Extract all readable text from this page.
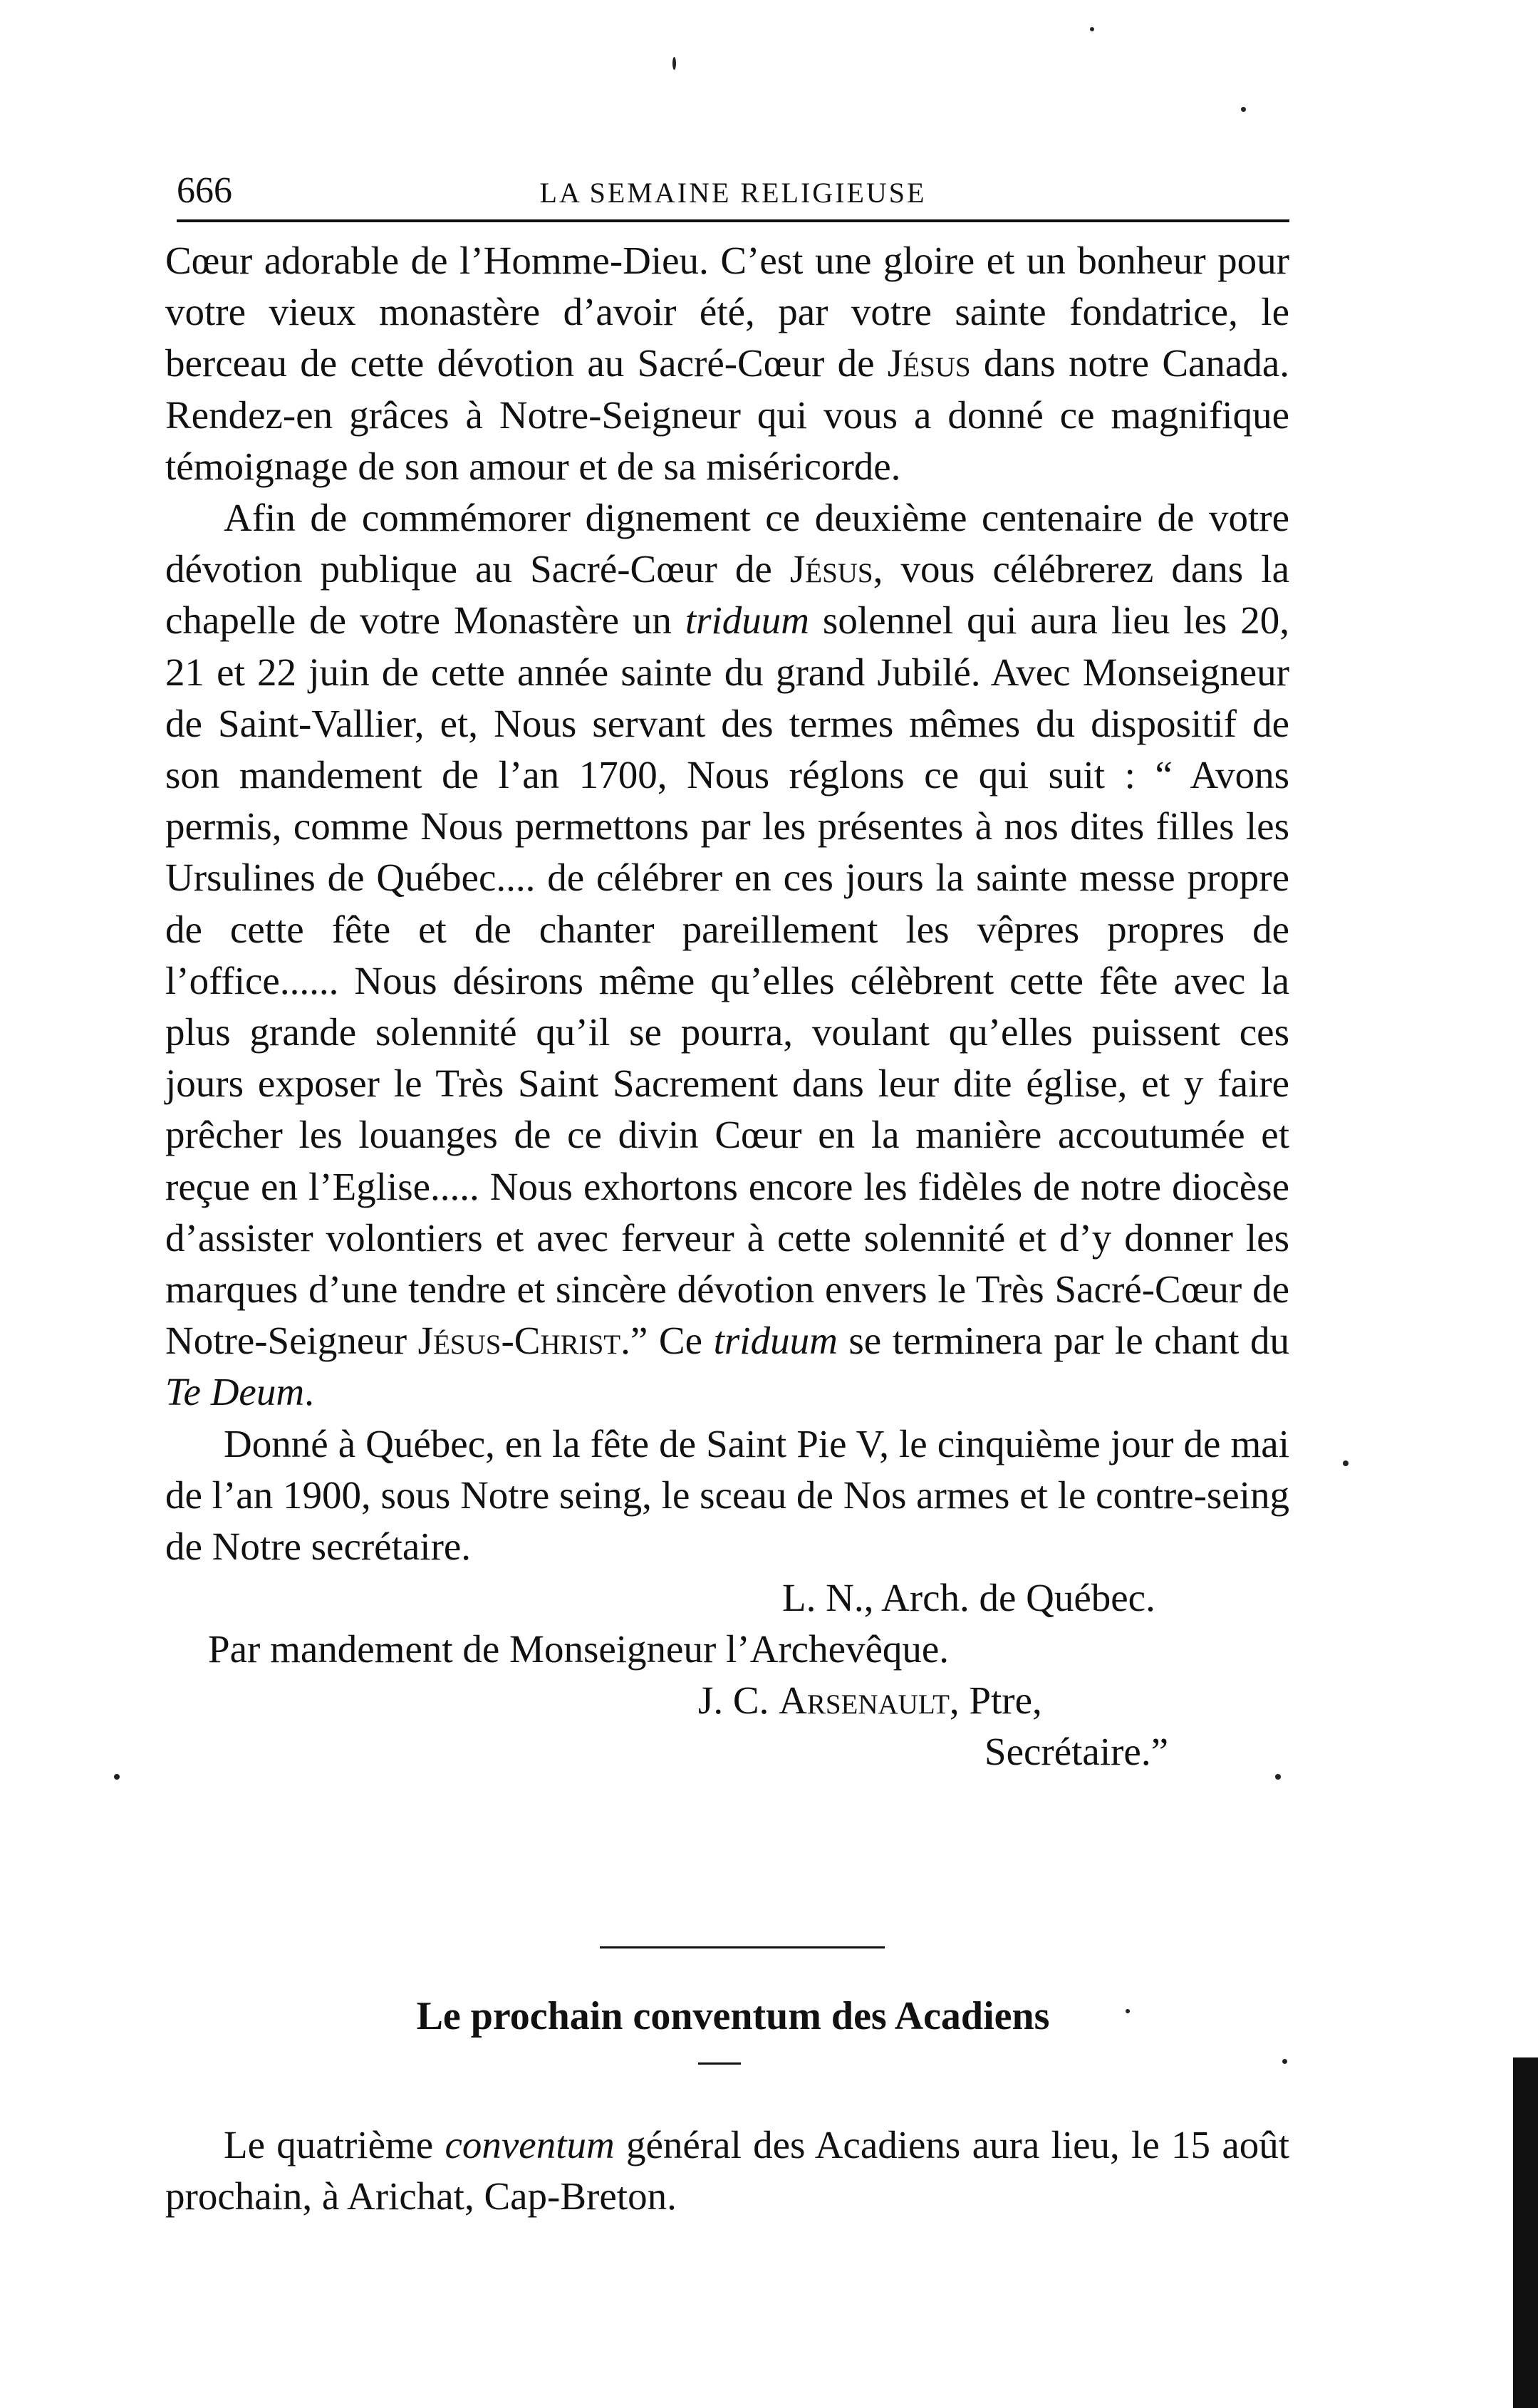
666	LA SEMAINE RELIGIEUSE

Cœur adorable de l’Homme-Dieu. C’est une gloire et un bonheur pour votre vieux monastère d’avoir été, par votre sainte fondatrice, le berceau de cette dévotion au Sacré-Cœur de Jésus dans notre Canada. Rendez-en grâces à Notre-Seigneur qui vous a donné ce magnifique témoignage de son amour et de sa miséricorde.

Afin de commémorer dignement ce deuxième centenaire de votre dévotion publique au Sacré-Cœur de Jésus, vous célébrerez dans la chapelle de votre Monastère un triduum solennel qui aura lieu les 20, 21 et 22 juin de cette année sainte du grand Jubilé. Avec Monseigneur de Saint-Vallier, et, Nous servant des termes mêmes du dispositif de son mandement de l’an 1700, Nous réglons ce qui suit : “ Avons permis, comme Nous permettons par les présentes à nos dites filles les Ursulines de Québec.... de célébrer en ces jours la sainte messe propre de cette fête et de chanter pareillement les vêpres propres de l’office...... Nous désirons même qu’elles célèbrent cette fête avec la plus grande solennité qu’il se pourra, voulant qu’elles puissent ces jours exposer le Très Saint Sacrement dans leur dite église, et y faire prêcher les louanges de ce divin Cœur en la manière accoutumée et reçue en l’Eglise..... Nous exhortons encore les fidèles de notre diocèse d’assister volontiers et avec ferveur à cette solennité et d’y donner les marques d’une tendre et sincère dévotion envers le Très Sacré-Cœur de Notre-Seigneur Jésus-Christ.” Ce triduum se terminera par le chant du Te Deum.

Donné à Québec, en la fête de Saint Pie V, le cinquième jour de mai de l’an 1900, sous Notre seing, le sceau de Nos armes et le contre-seing de Notre secrétaire.

L. N., Arch. de Québec.
Par mandement de Monseigneur l’Archevêque.
J. C. Arsenault, Ptre,
Secrétaire.”
Le prochain conventum des Acadiens

Le quatrième conventum général des Acadiens aura lieu, le 15 août prochain, à Arichat, Cap-Breton.
